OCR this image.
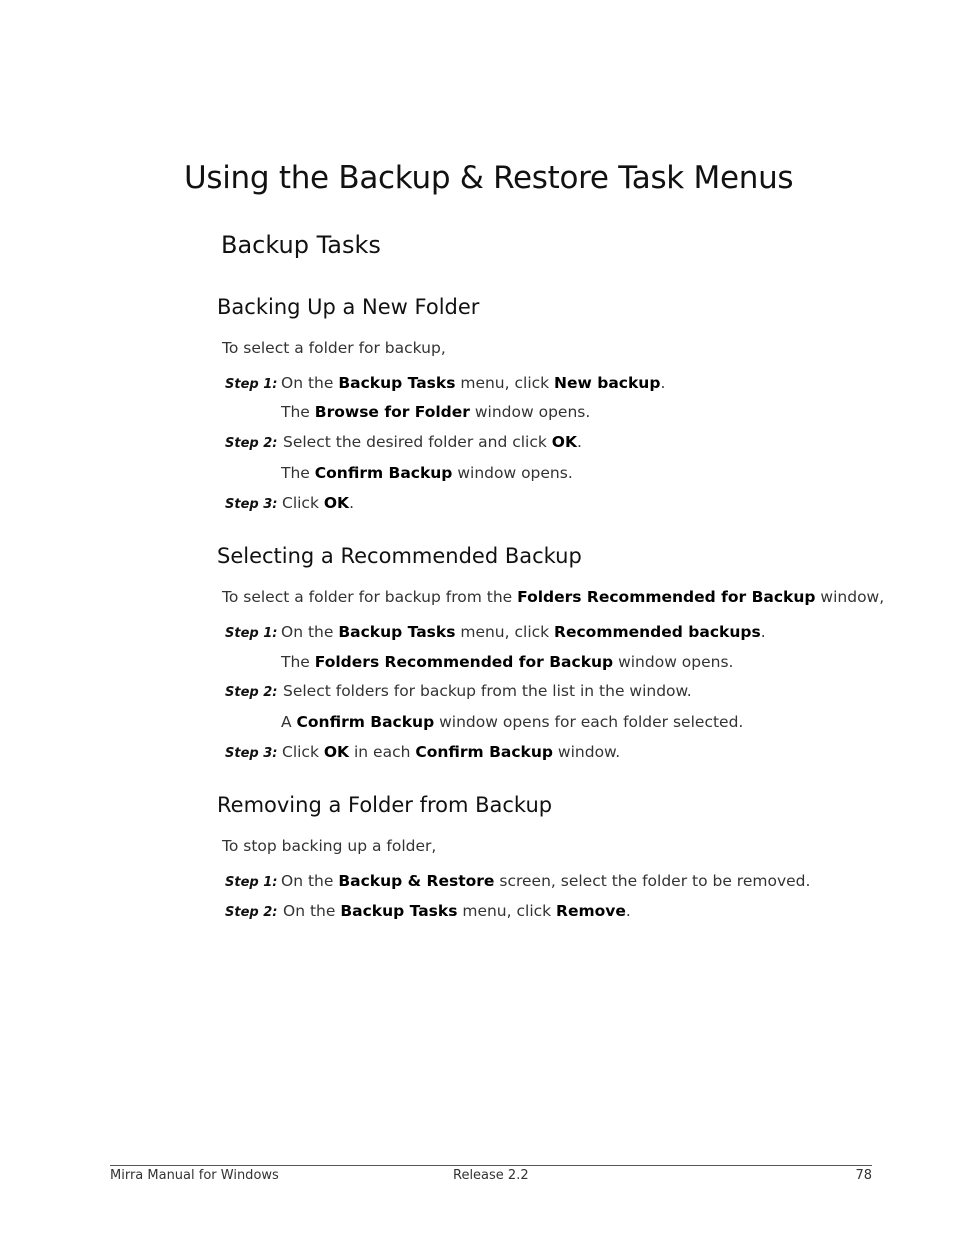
Using the Backup & Restore Task Menus
Backup Tasks
Backing Up a New Folder
To select a folder for backup,
Step 1: On the Backup Tasks menu, click New backup.
The Browse for Folder window opens.
Step 2: Select the desired folder and click OK.
The Confirm Backup window opens.
Step 3: Click OK.
Selecting a Recommended Backup
To select a folder for backup from the Folders Recommended for Backup window,
Step 1: On the Backup Tasks menu, click Recommended backups.
The Folders Recommended for Backup window opens.
Step 2: Select folders for backup from the list in the window.
A Confirm Backup window opens for each folder selected.
Step 3: Click OK in each Confirm Backup window.
Removing a Folder from Backup
To stop backing up a folder,
Step 1: On the Backup & Restore screen, select the folder to be removed.
Step 2: On the Backup Tasks menu, click Remove.
Mirra Manual for Windows	Release 2.2	78
